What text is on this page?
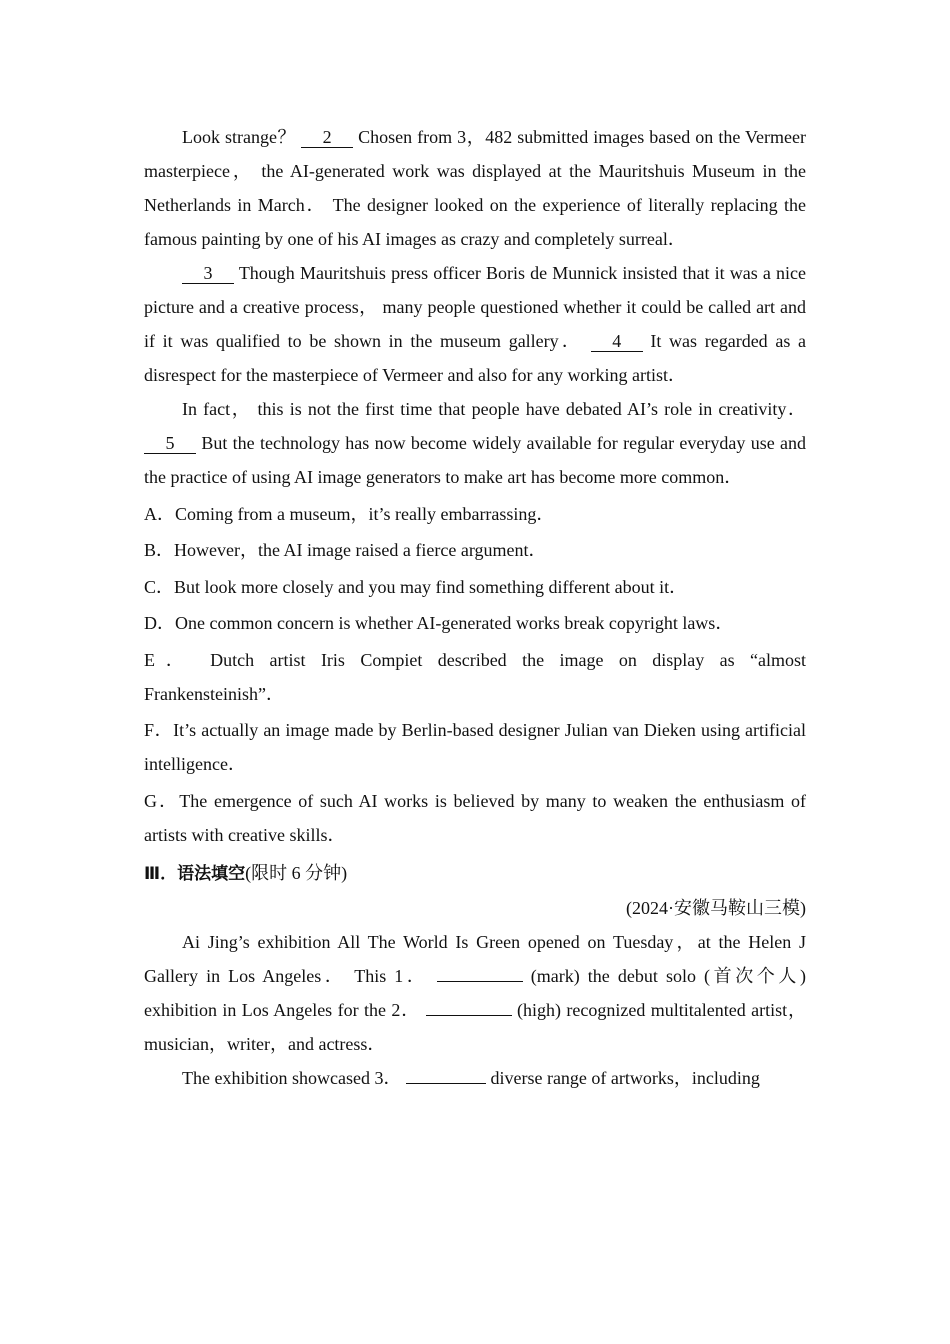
Look strange？ 2 Chosen from 3，482 submitted images based on the Vermeer masterpiece， the AI-generated work was displayed at the Mauritshuis Museum in the Netherlands in March． The designer looked on the experience of literally replacing the famous painting by one of his AI images as crazy and completely surreal．

3 Though Mauritshuis press officer Boris de Munnick insisted that it was a nice picture and a creative process， many people questioned whether it could be called art and if it was qualified to be shown in the museum gallery． 4 It was regarded as a disrespect for the masterpiece of Vermeer and also for any working artist．

In fact， this is not the first time that people have debated AI’s role in creativity． 5 But the technology has now become widely available for regular everyday use and the practice of using AI image generators to make art has become more common．

A．Coming from a museum，it’s really embarrassing．

B．However，the AI image raised a fierce argument．

C．But look more closely and you may find something different about it．

D．One common concern is whether AI-generated works break copyright laws．

E． Dutch artist Iris Compiet described the image on display as “almost Frankensteinish”．

F．It’s actually an image made by Berlin-based designer Julian van Dieken using artificial intelligence．

G．The emergence of such AI works is believed by many to weaken the enthusiasm of artists with creative skills．

Ⅲ．语法填空(限时 6 分钟)

(2024·安徽马鞍山三模)

Ai Jing’s exhibition All The World Is Green opened on Tuesday，at the Helen J Gallery in Los Angeles． This 1．	(mark) the debut solo (首次个人) exhibition in Los Angeles for the 2．	(high) recognized multitalented artist，musician，writer，and actress．

The exhibition showcased 3．	diverse range of artworks，including
